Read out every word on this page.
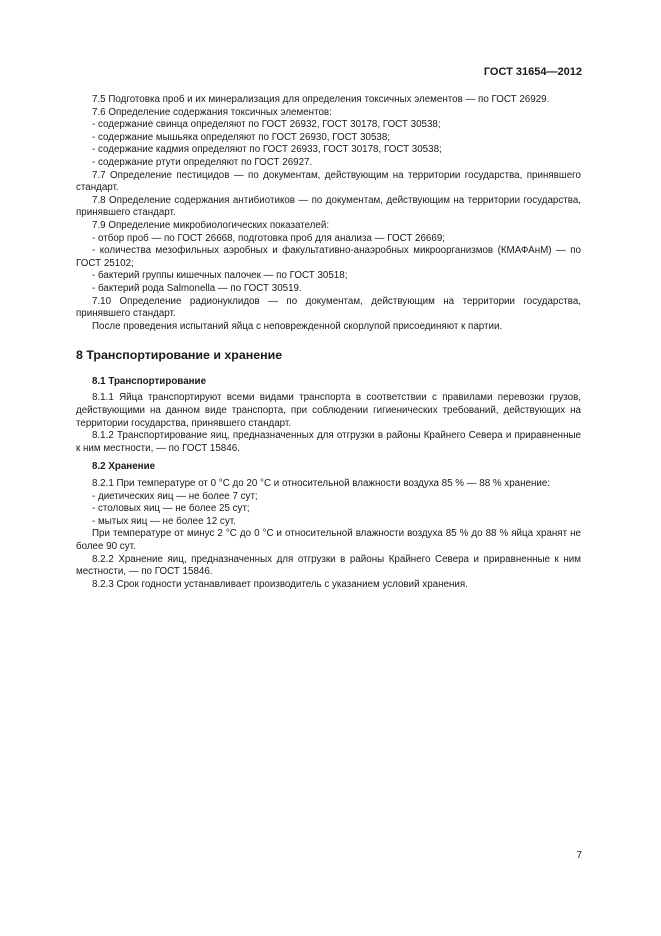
ГОСТ 31654—2012

7.5 Подготовка проб и их минерализация для определения токсичных элементов — по ГОСТ 26929.

7.6 Определение содержания токсичных элементов:

- содержание свинца определяют по ГОСТ 26932, ГОСТ 30178, ГОСТ 30538;

- содержание мышьяка определяют по ГОСТ 26930, ГОСТ 30538;

- содержание кадмия определяют по ГОСТ 26933, ГОСТ 30178, ГОСТ 30538;

- содержание ртути определяют по ГОСТ 26927.

7.7 Определение пестицидов — по документам, действующим на территории государства, принявшего стандарт.

7.8 Определение содержания антибиотиков — по документам, действующим на территории государства, принявшего стандарт.

7.9 Определение микробиологических показателей:

- отбор проб — по ГОСТ 26668, подготовка проб для анализа — ГОСТ 26669;

- количества мезофильных аэробных и факультативно-анаэробных микроорганизмов (КМАФАнМ) — по ГОСТ 25102;

- бактерий группы кишечных палочек — по ГОСТ 30518;

- бактерий рода Salmonella — по ГОСТ 30519.

7.10 Определение радионуклидов — по документам, действующим на территории государства, принявшего стандарт.

После проведения испытаний яйца с неповрежденной скорлупой присоединяют к партии.

8 Транспортирование и хранение

8.1 Транспортирование

8.1.1 Яйца транспортируют всеми видами транспорта в соответствии с правилами перевозки грузов, действующими на данном виде транспорта, при соблюдении гигиенических требований, действующих на территории государства, принявшего стандарт.

8.1.2 Транспортирование яиц, предназначенных для отгрузки в районы Крайнего Севера и приравненные к ним местности, — по ГОСТ 15846.

8.2 Хранение

8.2.1 При температуре от 0 °С до 20 °С и относительной влажности воздуха 85 % — 88 % хранение:

- диетических яиц — не более 7 сут;

- столовых яиц — не более 25 сут;

- мытых яиц — не более 12 сут.

При температуре от минус 2 °С до 0 °С и относительной влажности воздуха 85 % до 88 % яйца хранят не более 90 сут.

8.2.2 Хранение яиц, предназначенных для отгрузки в районы Крайнего Севера и приравненные к ним местности, — по ГОСТ 15846.

8.2.3 Срок годности устанавливает производитель с указанием условий хранения.

7
